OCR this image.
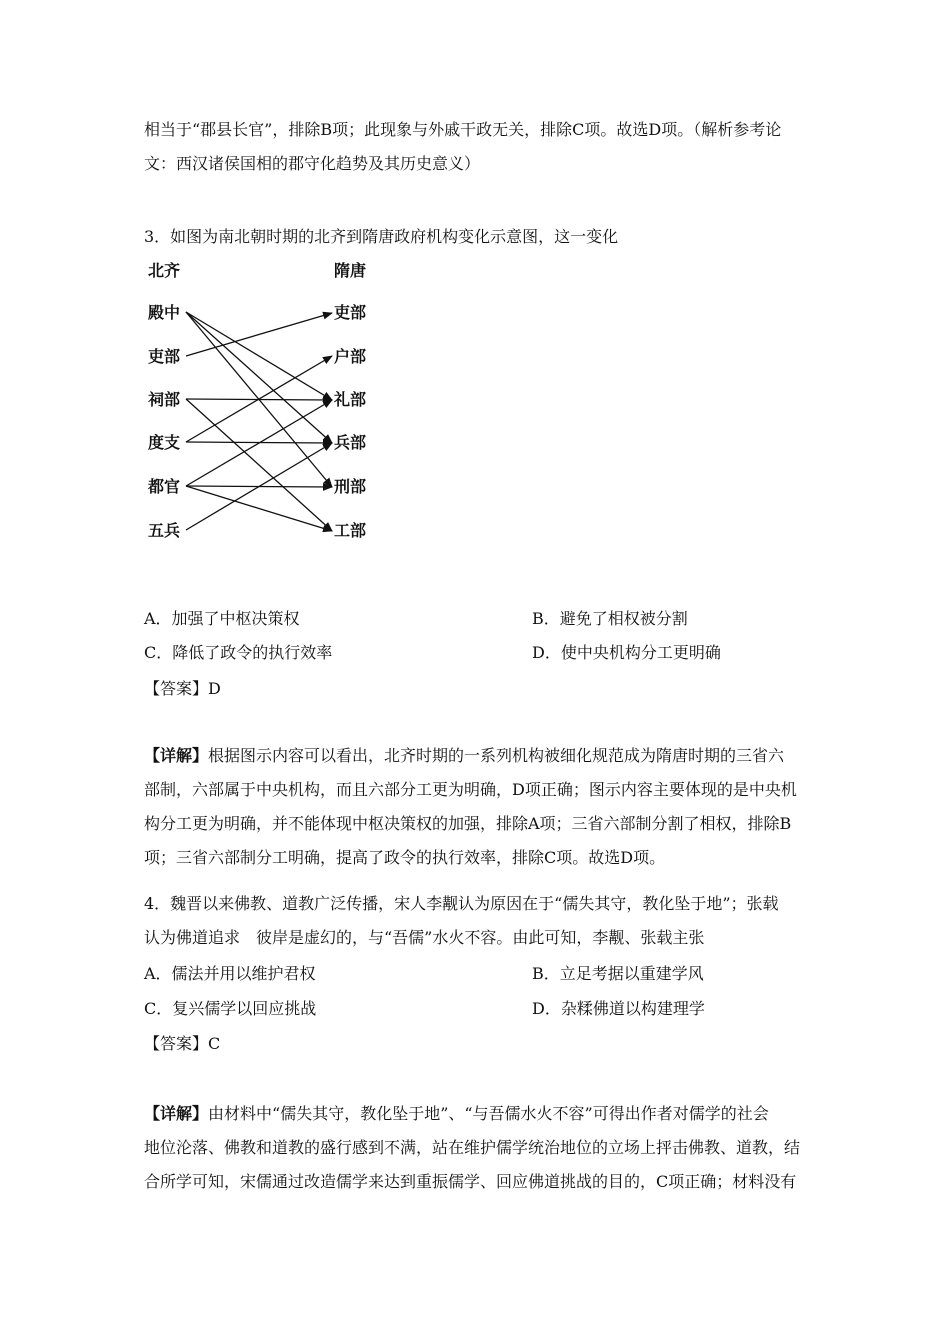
相当于“郡县长官”，排除B项；此现象与外戚干政无关，排除C项。故选D项。（解析参考论
文：西汉诸侯国相的郡守化趋势及其历史意义）
3．如图为南北朝时期的北齐到隋唐政府机构变化示意图，这一变化
北齐	隋唐
殿中
吏部
祠部
度支
都官
五兵
吏部
户部
礼部
兵部
刑部
工部
A．加强了中枢决策权	B．避免了相权被分割
C．降低了政令的执行效率	D．使中央机构分工更明确
【答案】D
【详解】根据图示内容可以看出，北齐时期的一系列机构被细化规范成为隋唐时期的三省六
部制，六部属于中央机构，而且六部分工更为明确，D项正确；图示内容主要体现的是中央机
构分工更为明确，并不能体现中枢决策权的加强，排除A项；三省六部制分割了相权，排除B
项；三省六部制分工明确，提高了政令的执行效率，排除C项。故选D项。
4．魏晋以来佛教、道教广泛传播，宋人李觏认为原因在于“儒失其守，教化坠于地”；张载
认为佛道追求　彼岸是虚幻的，与“吾儒”水火不容。由此可知，李觏、张载主张
A．儒法并用以维护君权	B．立足考据以重建学风
C．复兴儒学以回应挑战	D．杂糅佛道以构建理学
【答案】C
【详解】由材料中“儒失其守，教化坠于地”、“与吾儒水火不容”可得出作者对儒学的社会
地位沦落、佛教和道教的盛行感到不满，站在维护儒学统治地位的立场上抨击佛教、道教，结
合所学可知，宋儒通过改造儒学来达到重振儒学、回应佛道挑战的目的，C项正确；材料没有
